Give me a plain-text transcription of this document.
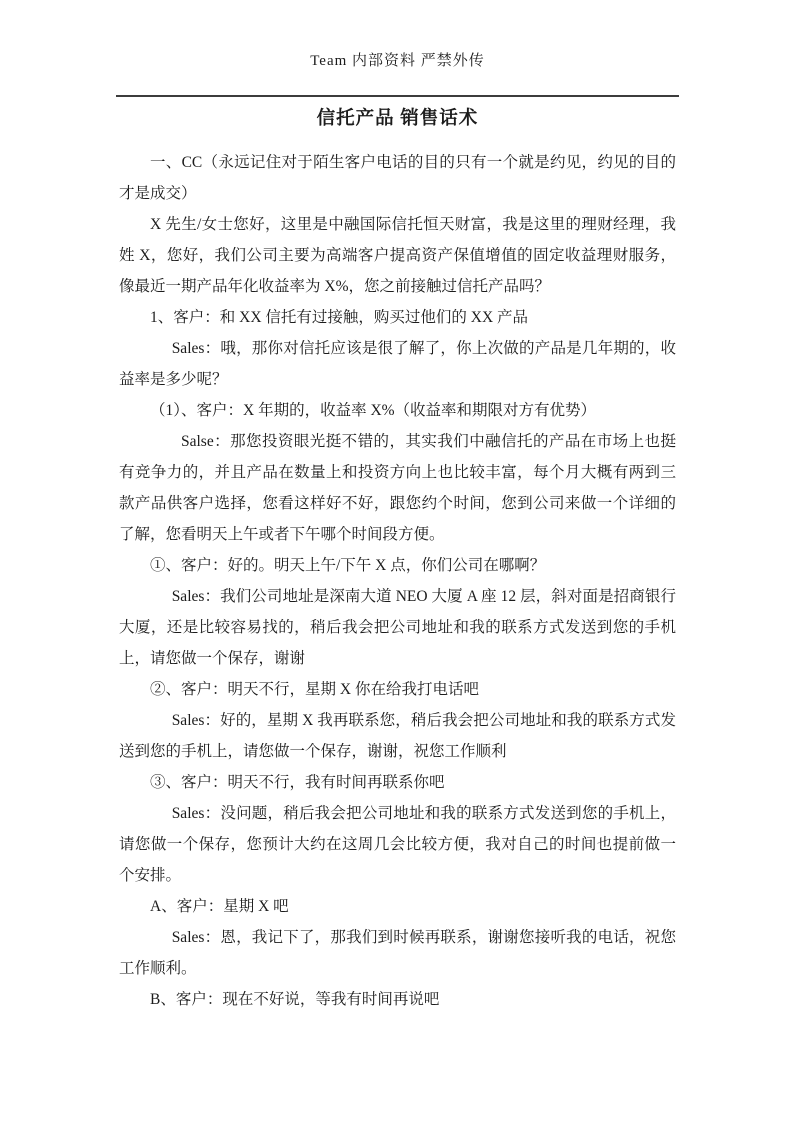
Team 内部资料 严禁外传
信托产品 销售话术

一、CC（永远记住对于陌生客户电话的目的只有一个就是约见，约见的目的才是成交）

X 先生/女士您好，这里是中融国际信托恒天财富，我是这里的理财经理，我姓 X，您好，我们公司主要为高端客户提高资产保值增值的固定收益理财服务，像最近一期产品年化收益率为 X%，您之前接触过信托产品吗？

1、客户：和 XX 信托有过接触，购买过他们的 XX 产品

Sales：哦，那你对信托应该是很了解了，你上次做的产品是几年期的，收益率是多少呢？

（1）、客户：X 年期的，收益率 X%（收益率和期限对方有优势）

Salse：那您投资眼光挺不错的，其实我们中融信托的产品在市场上也挺有竞争力的，并且产品在数量上和投资方向上也比较丰富，每个月大概有两到三款产品供客户选择，您看这样好不好，跟您约个时间，您到公司来做一个详细的了解，您看明天上午或者下午哪个时间段方便。

①、客户：好的。明天上午/下午 X 点，你们公司在哪啊？

Sales：我们公司地址是深南大道 NEO 大厦 A 座 12 层，斜对面是招商银行大厦，还是比较容易找的，稍后我会把公司地址和我的联系方式发送到您的手机上，请您做一个保存，谢谢

②、客户：明天不行，星期 X 你在给我打电话吧

Sales：好的，星期 X 我再联系您，稍后我会把公司地址和我的联系方式发送到您的手机上，请您做一个保存，谢谢，祝您工作顺利

③、客户：明天不行，我有时间再联系你吧

Sales：没问题，稍后我会把公司地址和我的联系方式发送到您的手机上，请您做一个保存，您预计大约在这周几会比较方便，我对自己的时间也提前做一个安排。

A、客户：星期 X 吧

Sales：恩，我记下了，那我们到时候再联系，谢谢您接听我的电话，祝您工作顺利。

B、客户：现在不好说，等我有时间再说吧
